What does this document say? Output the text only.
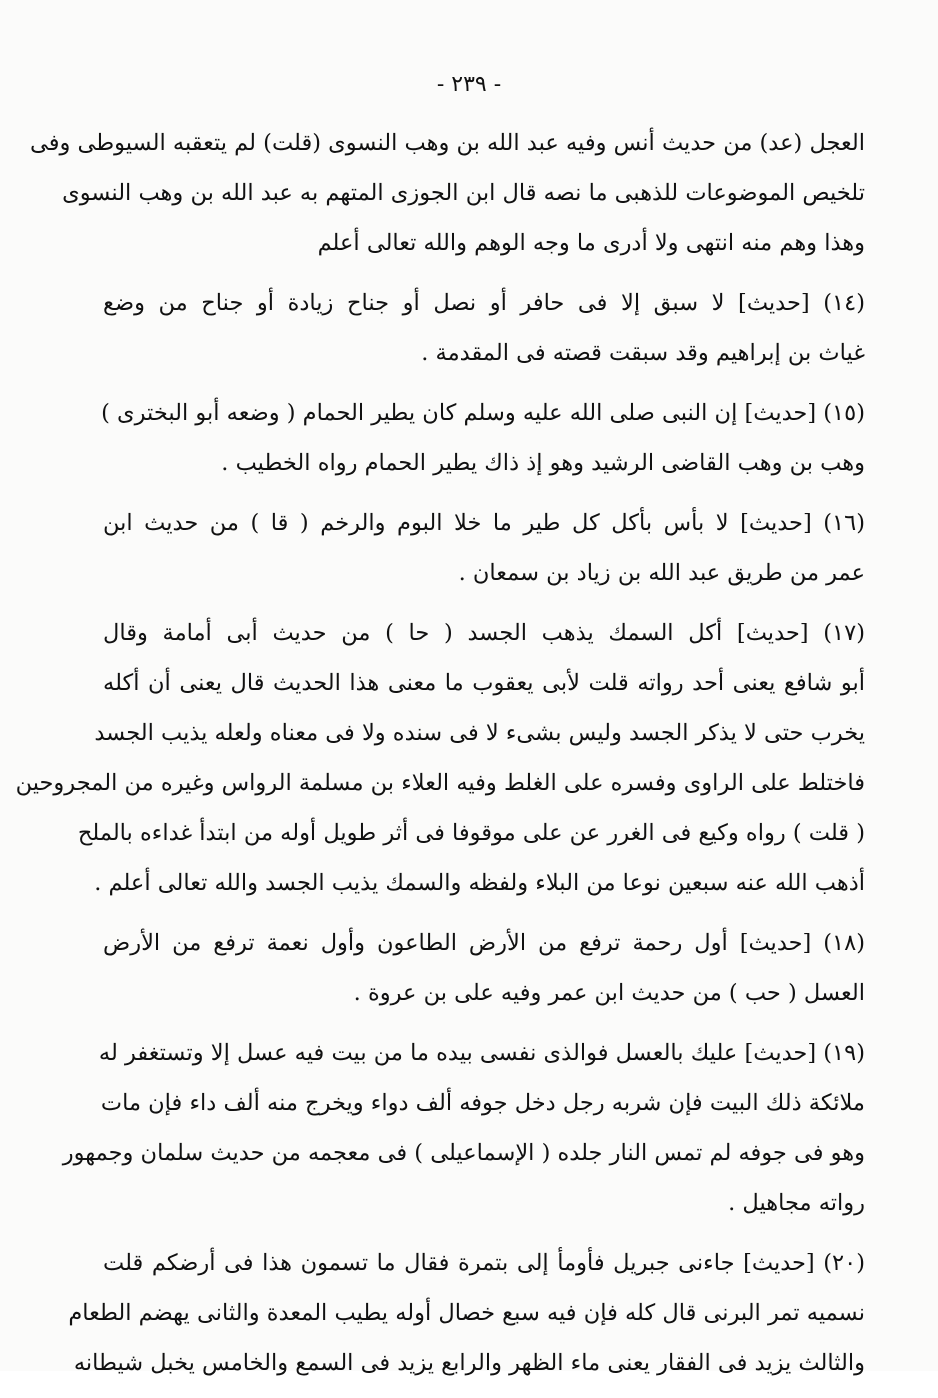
- ٢٣٩ -
العجل (عد) من حديث أنس وفيه عبد الله بن وهب النسوى (قلت) لم يتعقبه السيوطى وفى
تلخيص الموضوعات للذهبى ما نصه قال ابن الجوزى المتهم به عبد الله بن وهب النسوى
وهذا وهم منه انتهى ولا أدرى ما وجه الوهم والله تعالى أعلم
(١٤) [حديث] لا سبق إلا فى حافر أو نصل أو جناح زيادة أو جناح من وضع
غياث بن إبراهيم وقد سبقت قصته فى المقدمة .
(١٥) [حديث] إن النبى صلى الله عليه وسلم كان يطير الحمام ( وضعه أبو البخترى )
وهب بن وهب القاضى الرشيد وهو إذ ذاك يطير الحمام رواه الخطيب .
(١٦) [حديث] لا بأس بأكل كل طير ما خلا البوم والرخم ( قا ) من حديث ابن
عمر من طريق عبد الله بن زياد بن سمعان .
(١٧) [حديث] أكل السمك يذهب الجسد ( حا ) من حديث أبى أمامة وقال
أبو شافع يعنى أحد رواته قلت لأبى يعقوب ما معنى هذا الحديث قال يعنى أن أكله
يخرب حتى لا يذكر الجسد وليس بشىء لا فى سنده ولا فى معناه ولعله يذيب الجسد
فاختلط على الراوى وفسره على الغلط وفيه العلاء بن مسلمة الرواس وغيره من المجروحين
( قلت ) رواه وكيع فى الغرر عن على موقوفا فى أثر طويل أوله من ابتدأ غداءه بالملح
أذهب الله عنه سبعين نوعا من البلاء ولفظه والسمك يذيب الجسد والله تعالى أعلم .
(١٨) [حديث] أول رحمة ترفع من الأرض الطاعون وأول نعمة ترفع من الأرض
العسل ( حب ) من حديث ابن عمر وفيه على بن عروة .
(١٩) [حديث] عليك بالعسل فوالذى نفسى بيده ما من بيت فيه عسل إلا وتستغفر له
ملائكة ذلك البيت فإن شربه رجل دخل جوفه ألف دواء ويخرج منه ألف داء فإن مات
وهو فى جوفه لم تمس النار جلده ( الإسماعيلى ) فى معجمه من حديث سلمان وجمهور
رواته مجاهيل .
(٢٠) [حديث] جاءنى جبريل فأومأ إلى بتمرة فقال ما تسمون هذا فى أرضكم قلت
نسميه تمر البرنى قال كله فإن فيه سبع خصال أوله يطيب المعدة والثانى يهضم الطعام
والثالث يزيد فى الفقار يعنى ماء الظهر والرابع يزيد فى السمع والخامس يخبل شيطانه
